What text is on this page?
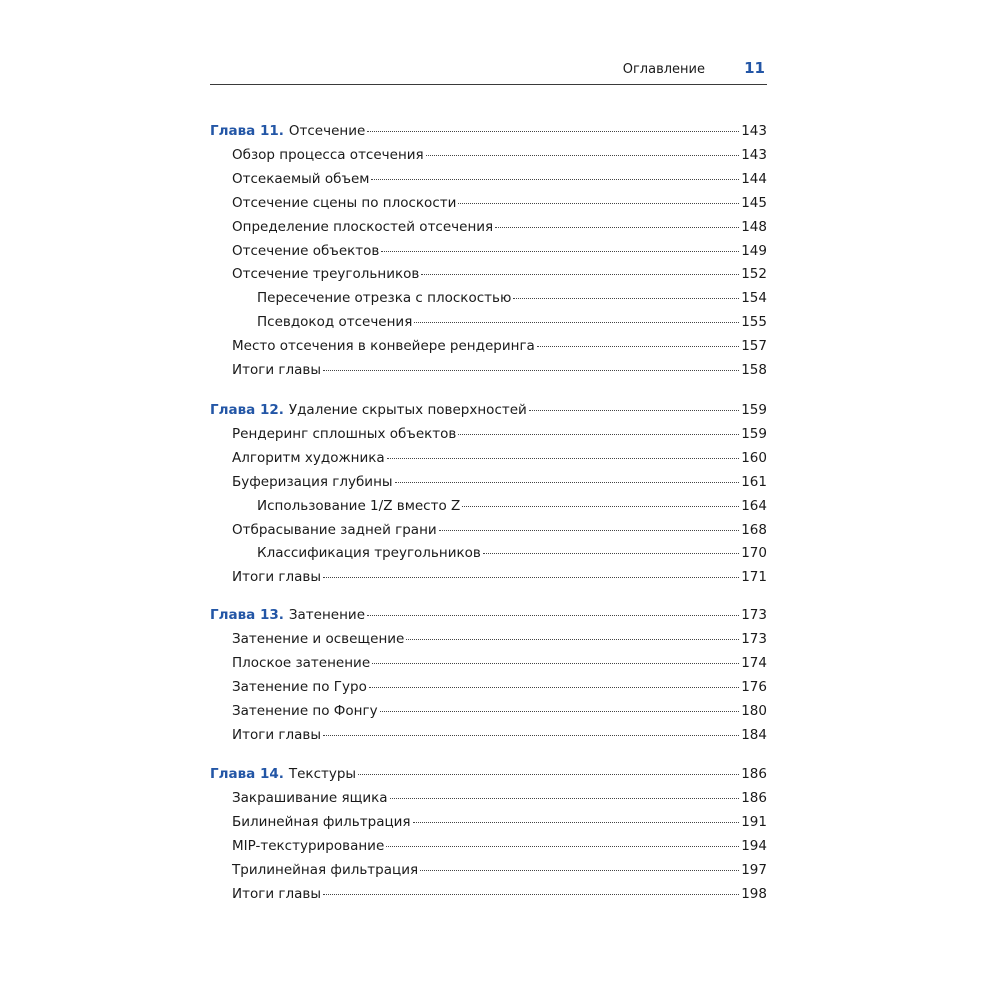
Оглавление	11
Глава 11. Отсечение	143
Обзор процесса отсечения	143
Отсекаемый объем	144
Отсечение сцены по плоскости	145
Определение плоскостей отсечения	148
Отсечение объектов	149
Отсечение треугольников	152
Пересечение отрезка с плоскостью	154
Псевдокод отсечения	155
Место отсечения в конвейере рендеринга	157
Итоги главы	158
Глава 12. Удаление скрытых поверхностей	159
Рендеринг сплошных объектов	159
Алгоритм художника	160
Буферизация глубины	161
Использование 1/Z вместо Z	164
Отбрасывание задней грани	168
Классификация треугольников	170
Итоги главы	171
Глава 13. Затенение	173
Затенение и освещение	173
Плоское затенение	174
Затенение по Гуро	176
Затенение по Фонгу	180
Итоги главы	184
Глава 14. Текстуры	186
Закрашивание ящика	186
Билинейная фильтрация	191
MIP-текстурирование	194
Трилинейная фильтрация	197
Итоги главы	198
